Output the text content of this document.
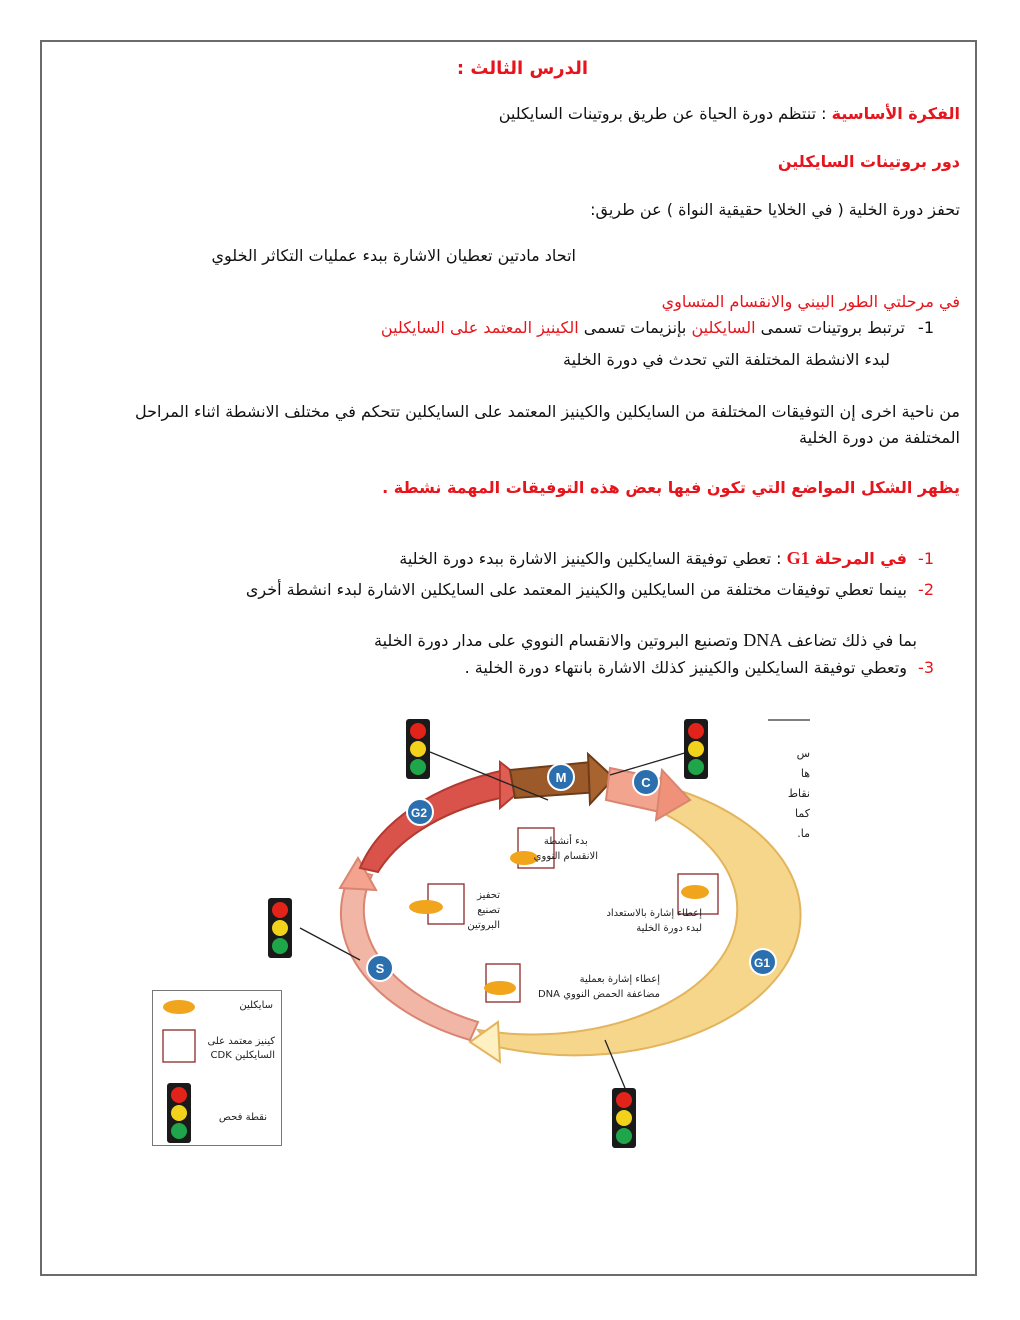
الدرس الثالث :
الفكرة الأساسية : تنتظم دورة الحياة عن طريق بروتينات السايكلين
دور بروتينات السايكلين
تحفز دورة الخلية ( في الخلايا حقيقية النواة ) عن طريق:
اتحاد مادتين تعطيان الاشارة ببدء عمليات التكاثر الخلوي
في مرحلتي الطور البيني والانقسام المتساوي
1- ترتبط بروتينات تسمى السايكلين بإنزيمات تسمى الكينيز المعتمد على السايكلين
لبدء الانشطة المختلفة التي تحدث في دورة الخلية
من ناحية اخرى إن التوفيقات المختلفة من السايكلين والكينيز المعتمد على السايكلين تتحكم في مختلف الانشطة اثناء المراحل
المختلفة من دورة الخلية
يظهر الشكل المواضع التي تكون فيها بعض هذه التوفيقات المهمة نشطة .
1- في المرحلة G1 : تعطي توفيقة السايكلين والكينيز الاشارة ببدء دورة الخلية
2- بينما تعطي توفيقات مختلفة من السايكلين والكينيز المعتمد على السايكلين الاشارة لبدء انشطة أخرى
بما في ذلك تضاعف DNA وتصنيع البروتين والانقسام النووي على مدار دورة الخلية
3- وتعطي توفيقة السايكلين والكينيز كذلك الاشارة بانتهاء دورة الخلية .
M	C
G2
S	G1
بدء أنشطة
الانقسام النووي
تحفيز
تصنيع
البروتين
إعطاء إشارة بالاستعداد
لبدء دورة الخلية
إعطاء إشارة بعملية
مضاعفة الحمض النووي DNA
س
ها
نقاط
كما
ما.
سايكلين
كينيز معتمد على
السايكلين CDK
نقطة فحص
